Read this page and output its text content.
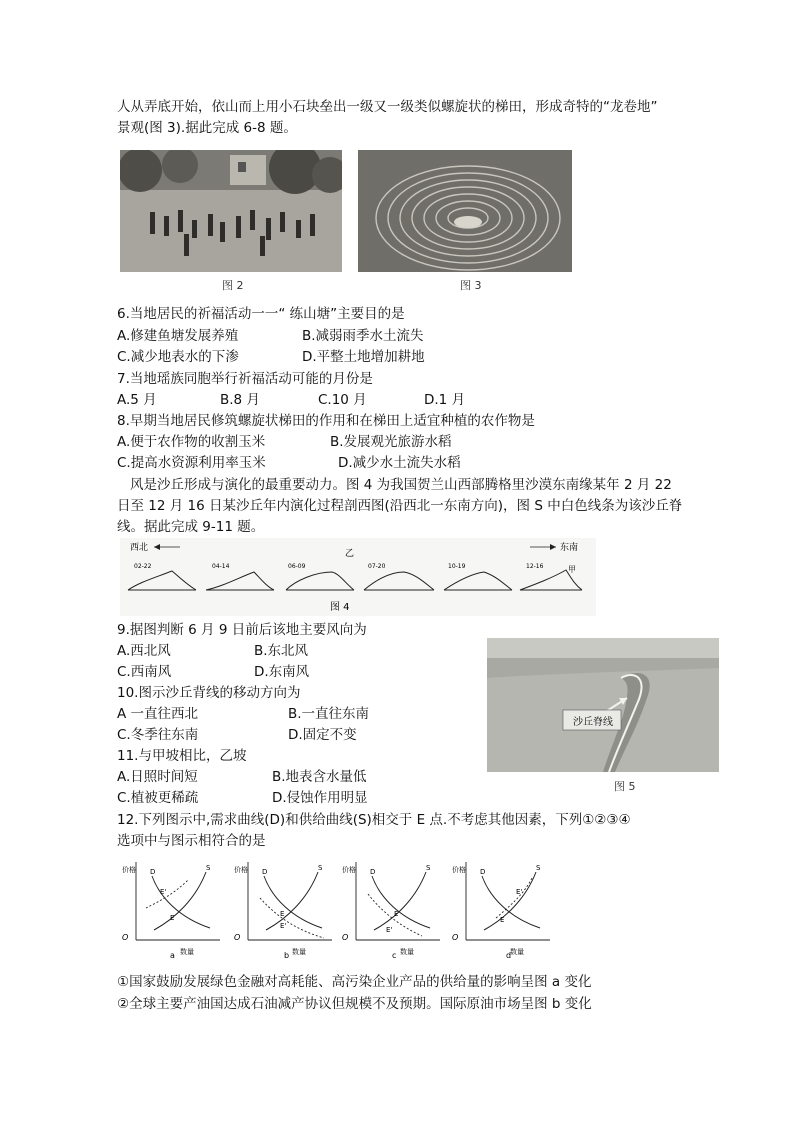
人从弄底开始，依山而上用小石块垒出一级又一级类似螺旋状的梯田，形成奇特的“龙卷地”
景观(图 3).据此完成 6-8 题。
图 2	图 3
6.当地居民的祈福活动一一“ 练山塘”主要目的是
A.修建鱼塘发展养殖	B.减弱雨季水土流失
C.减少地表水的下渗	D.平整土地增加耕地
7.当地瑶族同胞举行祈福活动可能的月份是
A.5 月	B.8 月	C.10 月	D.1 月
8.早期当地居民修筑螺旋状梯田的作用和在梯田上适宜种植的农作物是
A.便于农作物的收割玉米	B.发展观光旅游水稻
C.提高水资源利用率玉米	D.减少水土流失水稻
风是沙丘形成与演化的最重要动力。图 4 为我国贺兰山西部腾格里沙漠东南缘某年 2 月 22
日至 12 月 16 日某沙丘年内演化过程剖西图(沿西北一东南方向)，图 S 中白色线条为该沙丘脊
线。据此完成 9-11 题。
西北	东南
乙
甲
02-22	04-14	06-09	07-20	10-19	12-16
图 4
9.据图判断 6 月 9 日前后该地主要风向为
A.西北风	B.东北风
C.西南风	D.东南风
10.图示沙丘背线的移动方向为
A 一直往西北	B.一直往东南
C.冬季往东南	D.固定不变
11.与甲坡相比，乙坡
A.日照时间短	B.地表含水量低
C.植被更稀疏	D.侵蚀作用明显
沙丘脊线
图 5
12.下列图示中,需求曲线(D)和供给曲线(S)相交于 E 点.不考虑其他因素，下列①②③④
选项中与图示相符合的是
价格
O
数量
D	S
E
E'
a
价格
O
数量
D	S
E
E'
b
价格
O
数量
D	S
E
E'
c
价格
O
数量
D	S
E
E'
d
①国家鼓励发展绿色金融对高耗能、高污染企业产品的供给量的影响呈图 a 变化
②全球主要产油国达成石油减产协议但规模不及预期。国际原油市场呈图 b 变化
